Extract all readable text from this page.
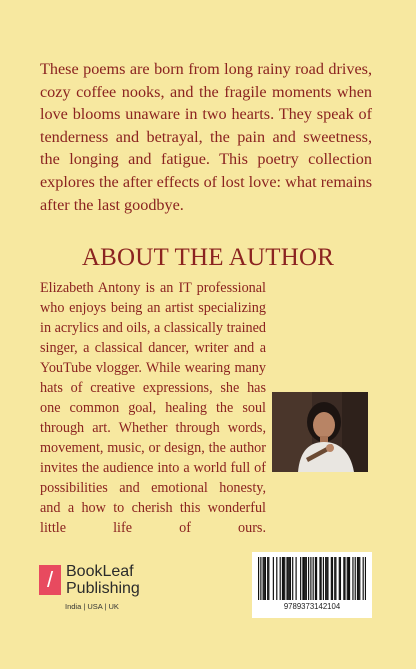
These poems are born from long rainy road drives, cozy coffee nooks, and the fragile moments when love blooms unaware in two hearts. They speak of tenderness and betrayal, the pain and sweetness, the longing and fatigue. This poetry collection explores the after effects of lost love: what remains after the last goodbye.

ABOUT THE AUTHOR

Elizabeth Antony is an IT professional who enjoys being an artist specializing in acrylics and oils, a classically trained singer, a classical dancer, writer and a YouTube vlogger. While wearing many hats of creative expressions, she has one common goal, healing the soul through art. Whether through words, movement, music, or design, the author invites the audience into a world full of possibilities and emotional honesty, and a how to cherish this wonderful little life of ours.

/ BookLeaf
Publishing
India | USA | UK	9789373142104
